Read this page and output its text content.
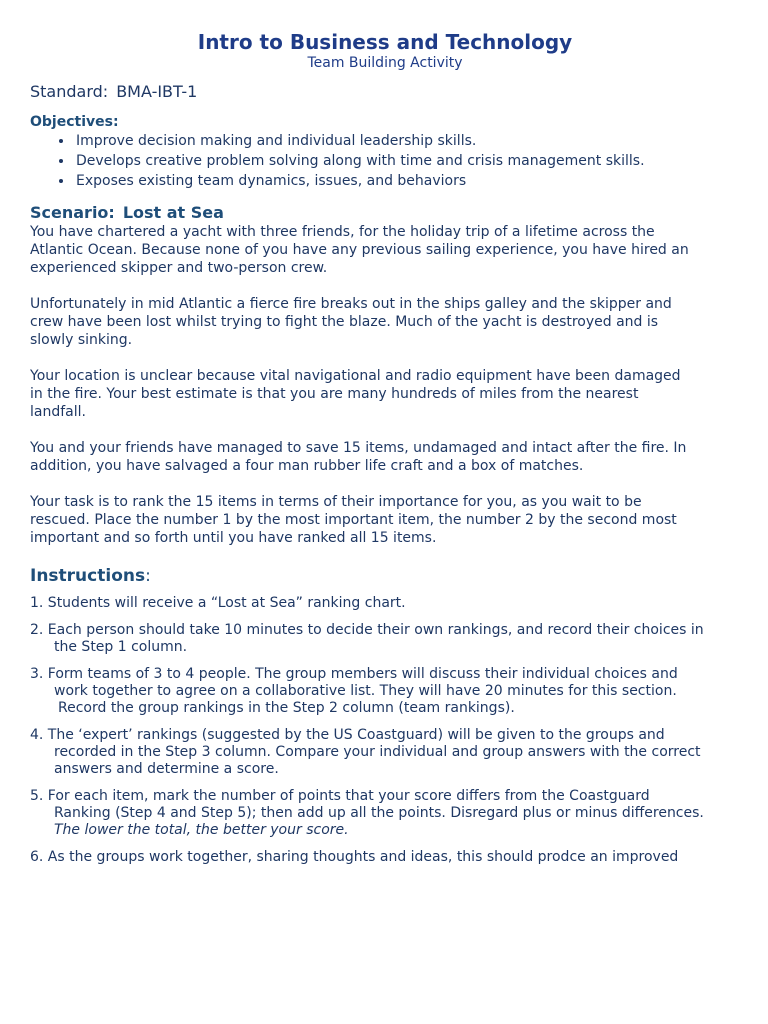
Intro to Business and Technology
Team Building Activity
Standard: BMA-IBT-1
Objectives:
• Improve decision making and individual leadership skills.
• Develops creative problem solving along with time and crisis management skills.
• Exposes existing team dynamics, issues, and behaviors
Scenario: Lost at Sea

You have chartered a yacht with three friends, for the holiday trip of a lifetime across the Atlantic Ocean. Because none of you have any previous sailing experience, you have hired an experienced skipper and two-person crew.

Unfortunately in mid Atlantic a fierce fire breaks out in the ships galley and the skipper and crew have been lost whilst trying to fight the blaze. Much of the yacht is destroyed and is slowly sinking.

Your location is unclear because vital navigational and radio equipment have been damaged in the fire. Your best estimate is that you are many hundreds of miles from the nearest landfall.

You and your friends have managed to save 15 items, undamaged and intact after the fire. In addition, you have salvaged a four man rubber life craft and a box of matches.

Your task is to rank the 15 items in terms of their importance for you, as you wait to be rescued. Place the number 1 by the most important item, the number 2 by the second most important and so forth until you have ranked all 15 items.

Instructions:
1. Students will receive a “Lost at Sea” ranking chart.
2. Each person should take 10 minutes to decide their own rankings, and record their choices in
the Step 1 column.
3. Form teams of 3 to 4 people. The group members will discuss their individual choices and
work together to agree on a collaborative list. They will have 20 minutes for this section.
Record the group rankings in the Step 2 column (team rankings).
4. The ‘expert’ rankings (suggested by the US Coastguard) will be given to the groups and
recorded in the Step 3 column. Compare your individual and group answers with the correct
answers and determine a score.
5. For each item, mark the number of points that your score differs from the Coastguard
Ranking (Step 4 and Step 5); then add up all the points. Disregard plus or minus differences.
The lower the total, the better your score.
6. As the groups work together, sharing thoughts and ideas, this should prodce an improved
